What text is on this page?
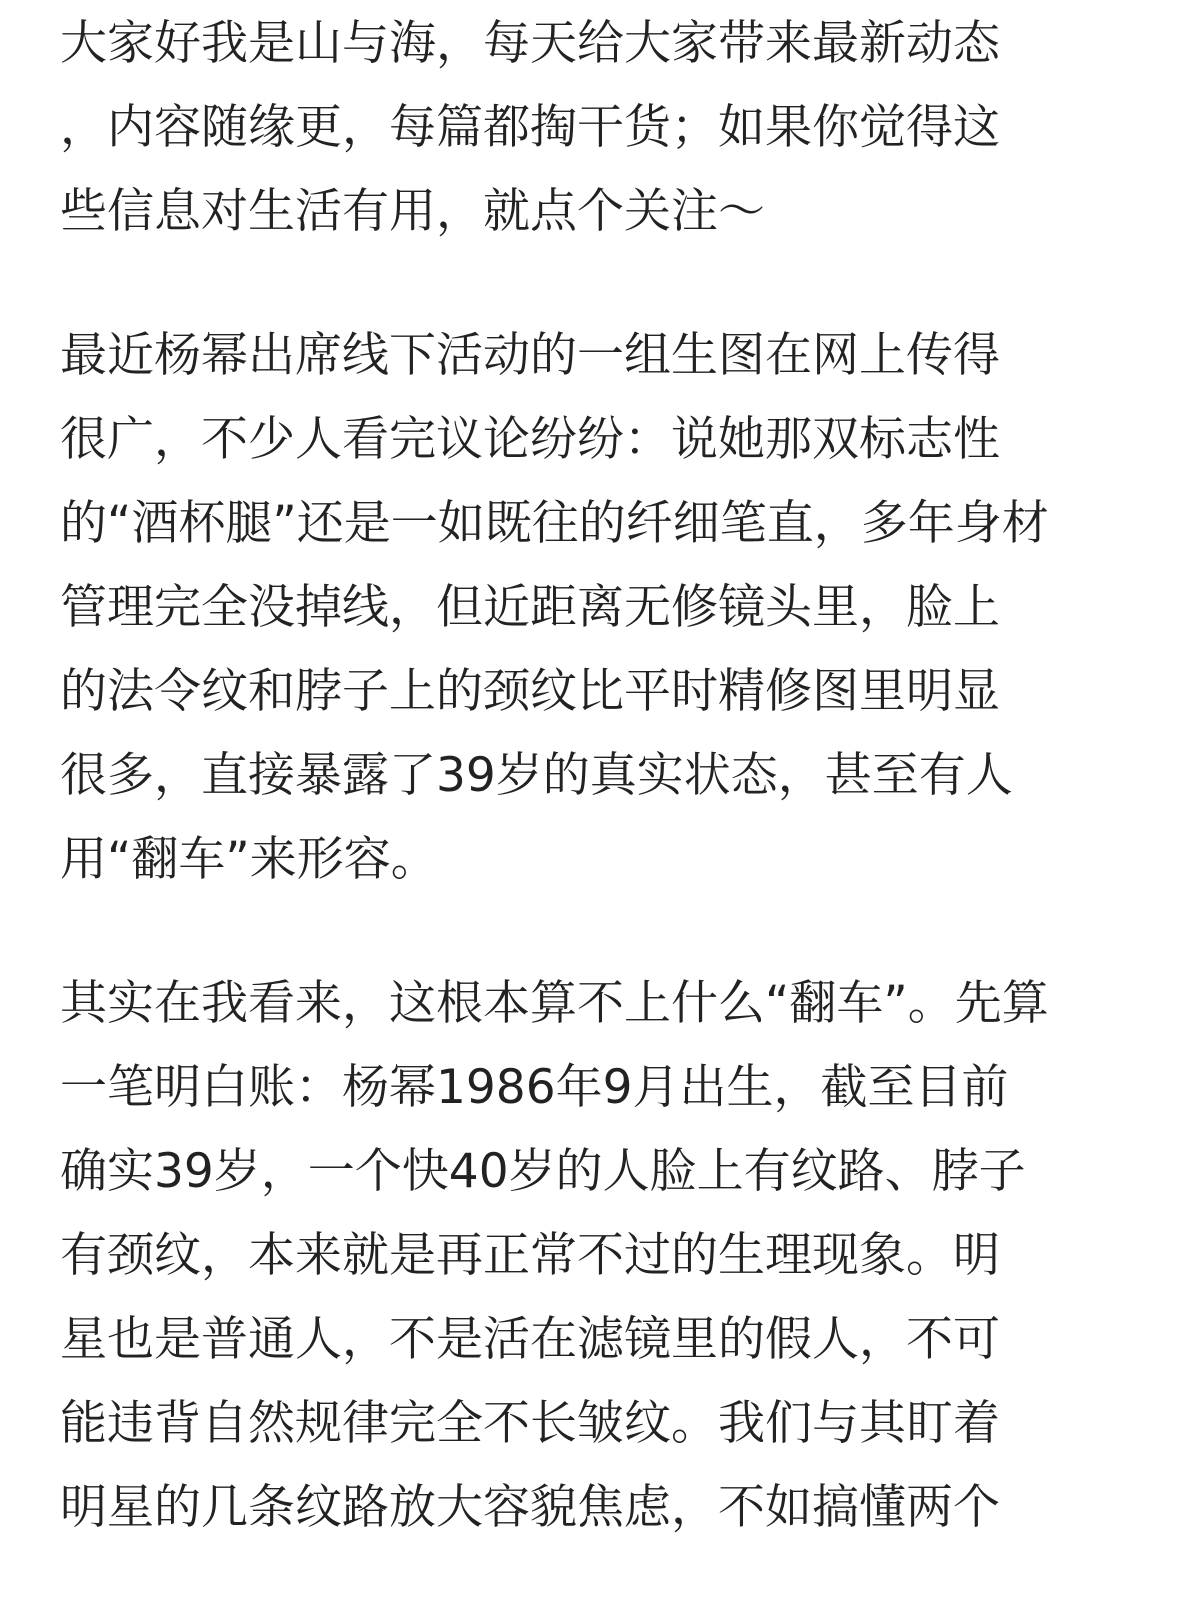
大家好我是山与海，每天给大家带来最新动态
，内容随缘更，每篇都掏干货；如果你觉得这
些信息对生活有用，就点个关注～
最近杨幂出席线下活动的一组生图在网上传得
很广，不少人看完议论纷纷：说她那双标志性
的“酒杯腿”还是一如既往的纤细笔直，多年身材
管理完全没掉线，但近距离无修镜头里，脸上
的法令纹和脖子上的颈纹比平时精修图里明显
很多，直接暴露了39岁的真实状态，甚至有人
用“翻车”来形容。
其实在我看来，这根本算不上什么“翻车”。先算
一笔明白账：杨幂1986年9月出生，截至目前
确实39岁，一个快40岁的人脸上有纹路、脖子
有颈纹，本来就是再正常不过的生理现象。明
星也是普通人，不是活在滤镜里的假人，不可
能违背自然规律完全不长皱纹。我们与其盯着
明星的几条纹路放大容貌焦虑，不如搞懂两个
